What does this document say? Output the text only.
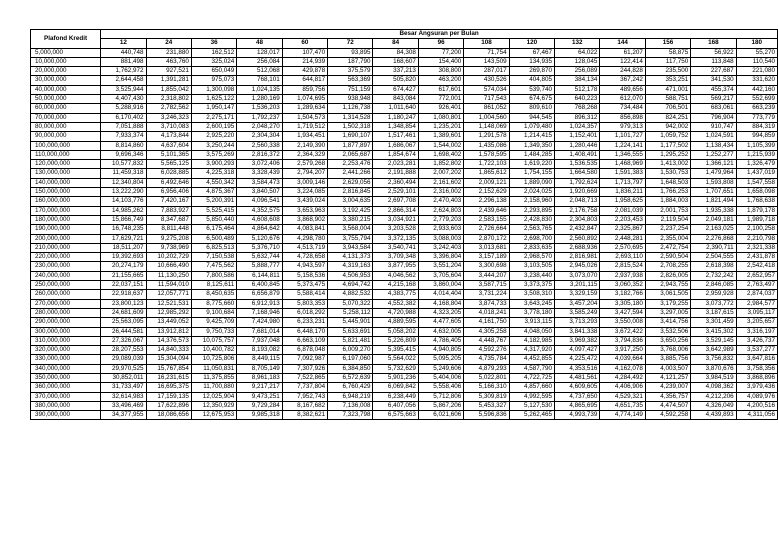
Plafond Kredit	Besar Angsuran per Bulan														
	12	24	36	48	60	72	84	96	108	120	132	144	156	168	180
5,000,000	440,748	231,880	162,512	128,017	107,470	93,895	84,308	77,200	71,754	67,467	64,022	61,207	58,875	56,922	55,270
10,000,000	881,498	463,760	325,024	256,084	214,939	187,790	168,607	154,400	143,509	134,935	128,045	122,414	117,750	113,848	110,540
20,000,000	1,762,972	927,521	650,049	512,068	429,878	375,579	337,213	308,800	287,017	269,870	256,089	244,828	235,500	227,687	221,080
30,000,000	2,644,458	1,391,281	975,073	768,101	644,817	563,369	505,820	463,200	430,526	404,805	384,134	367,242	353,251	341,530	331,620
40,000,000	3,525,944	1,855,042	1,300,098	1,024,135	859,756	751,159	674,427	617,601	574,034	539,740	512,178	489,656	471,001	455,374	442,160
50,000,000	4,407,430	2,318,802	1,625,122	1,280,169	1,074,695	938,948	843,084	772,001	717,543	674,675	640,223	612,070	588,751	569,217	552,699
60,000,000	5,288,916	2,782,562	1,950,147	1,536,203	1,289,634	1,126,738	1,011,640	926,401	861,052	809,610	768,268	734,484	706,501	683,061	663,239
70,000,000	6,170,402	3,246,323	2,275,171	1,792,237	1,504,573	1,314,528	1,180,247	1,080,801	1,004,560	944,545	896,312	856,898	824,251	796,904	773,779
80,000,000	7,051,888	3,710,083	2,600,195	2,048,270	1,719,512	1,502,318	1,348,854	1,235,201	1,148,069	1,079,480	1,024,357	979,313	942,002	910,747	884,319
90,000,000	7,933,374	4,173,844	2,925,220	2,304,304	1,934,451	1,690,107	1,517,461	1,389,601	1,291,578	1,214,415	1,152,401	1,101,727	1,059,752	1,024,591	994,859
100,000,000	8,814,860	4,637,604	3,250,244	2,560,338	2,149,390	1,877,897	1,686,067	1,544,002	1,435,086	1,349,350	1,280,446	1,224,141	1,177,502	1,138,434	1,105,399
110,000,000	9,696,346	5,101,365	3,575,269	2,816,372	2,364,329	2,065,687	1,854,674	1,698,402	1,578,595	1,484,285	1,408,491	1,346,555	1,295,252	1,252,277	1,215,939
120,000,000	10,577,832	5,565,125	3,900,293	3,072,406	2,579,268	2,253,476	2,023,281	1,852,802	1,722,103	1,619,220	1,536,535	1,468,969	1,413,002	1,366,121	1,326,479
130,000,000	11,459,318	6,028,885	4,225,318	3,328,439	2,794,207	2,441,266	2,191,888	2,007,202	1,865,612	1,754,155	1,664,580	1,591,383	1,530,753	1,479,964	1,437,019
140,000,000	12,340,804	6,492,646	4,550,342	3,584,473	3,009,146	2,629,056	2,360,494	2,161,602	2,009,121	1,889,090	1,792,624	1,713,797	1,648,503	1,593,808	1,547,558
150,000,000	13,222,290	6,956,406	4,875,367	3,840,507	3,224,085	2,816,845	2,529,101	2,316,002	2,152,629	2,024,025	1,920,669	1,836,211	1,766,253	1,707,651	1,658,098
160,000,000	14,103,776	7,420,167	5,200,391	4,096,541	3,439,024	3,004,635	2,697,708	2,470,403	2,296,138	2,158,960	2,048,713	1,958,625	1,884,003	1,821,494	1,768,638
170,000,000	14,985,262	7,883,927	5,525,415	4,352,575	3,653,963	3,192,425	2,866,314	2,624,803	2,439,646	2,293,895	2,176,758	2,081,039	2,001,753	1,935,338	1,879,178
180,000,000	15,866,749	8,347,687	5,850,440	4,608,608	3,868,902	3,380,215	3,034,921	2,779,203	2,583,155	2,428,830	2,304,803	2,203,453	2,119,504	2,049,181	1,989,718
190,000,000	16,748,235	8,811,448	6,175,464	4,864,642	4,083,841	3,568,004	3,203,528	2,933,603	2,726,664	2,563,765	2,432,847	2,325,867	2,237,254	2,163,025	2,100,258
200,000,000	17,629,721	9,275,208	6,500,489	5,120,676	4,298,780	3,755,794	3,372,135	3,088,003	2,870,172	2,698,700	2,560,892	2,448,281	2,355,004	2,276,868	2,210,798
210,000,000	18,511,207	9,738,969	6,825,513	5,376,710	4,513,719	3,943,584	3,540,741	3,242,403	3,013,681	2,833,635	2,688,936	2,570,695	2,472,754	2,390,711	2,321,338
220,000,000	19,392,693	10,202,729	7,150,538	5,632,744	4,728,658	4,131,373	3,709,348	3,396,804	3,157,189	2,968,570	2,816,981	2,693,110	2,590,504	2,504,555	2,431,878
230,000,000	20,274,179	10,666,490	7,475,562	5,888,777	4,943,597	4,319,163	3,877,955	3,551,204	3,300,698	3,103,505	2,945,026	2,815,524	2,708,255	2,618,398	2,542,418
240,000,000	21,155,665	11,130,250	7,800,586	6,144,811	5,158,536	4,506,953	4,046,562	3,705,604	3,444,207	3,238,440	3,073,070	2,937,938	2,826,005	2,732,242	2,652,957
250,000,000	22,037,151	11,594,010	8,125,611	6,400,845	5,373,475	4,694,742	4,215,168	3,860,004	3,587,715	3,373,375	3,201,115	3,060,352	2,943,755	2,846,085	2,763,497
260,000,000	22,918,637	12,057,771	8,450,635	6,656,879	5,588,414	4,882,532	4,383,775	4,014,404	3,731,224	3,508,310	3,329,159	3,182,766	3,061,505	2,959,928	2,874,037
270,000,000	23,800,123	12,521,531	8,775,660	6,912,913	5,803,353	5,070,322	4,552,382	4,168,804	3,874,733	3,643,245	3,457,204	3,305,180	3,179,255	3,073,772	2,984,577
280,000,000	24,681,609	12,985,292	9,100,684	7,168,946	6,018,292	5,258,112	4,720,988	4,323,205	4,018,241	3,778,180	3,585,249	3,427,594	3,297,005	3,187,615	3,095,117
290,000,000	25,563,095	13,449,052	9,425,709	7,424,980	6,233,231	5,445,901	4,889,595	4,477,605	4,161,750	3,913,115	3,713,293	3,550,008	3,414,756	3,301,459	3,205,657
300,000,000	26,444,581	13,912,812	9,750,733	7,681,014	6,448,170	5,633,691	5,058,202	4,632,005	4,305,258	4,048,050	3,841,338	3,672,422	3,532,506	3,415,302	3,316,197
310,000,000	27,326,067	14,376,573	10,075,757	7,937,048	6,663,109	5,821,481	5,226,809	4,786,405	4,448,767	4,182,985	3,969,382	3,794,836	3,650,256	3,529,145	3,426,737
320,000,000	28,207,553	14,840,333	10,400,782	8,193,082	6,878,048	6,009,270	5,395,415	4,940,805	4,592,276	4,317,920	4,097,427	3,917,250	3,768,006	3,642,989	3,537,277
330,000,000	29,089,039	15,304,094	10,725,806	8,449,115	7,092,987	6,197,060	5,564,022	5,095,205	4,735,784	4,452,855	4,225,472	4,039,664	3,885,756	3,756,832	3,647,816
340,000,000	29,970,525	15,767,854	11,050,831	8,705,149	7,307,926	6,384,850	5,732,629	5,249,606	4,879,293	4,587,790	4,353,516	4,162,078	4,003,507	3,870,676	3,758,356
350,000,000	30,852,011	16,231,615	11,375,855	8,961,183	7,522,865	6,572,639	5,901,236	5,404,006	5,022,801	4,722,725	4,481,561	4,284,492	4,121,257	3,984,519	3,868,896
360,000,000	31,733,497	16,695,375	11,700,880	9,217,217	7,737,804	6,760,429	6,069,842	5,558,406	5,166,310	4,857,660	4,609,605	4,406,906	4,239,007	4,098,362	3,979,436
370,000,000	32,614,983	17,159,135	12,025,904	9,473,251	7,952,743	6,948,219	6,238,449	5,712,806	5,309,819	4,992,595	4,737,650	4,529,321	4,356,757	4,212,206	4,089,976
380,000,000	33,496,469	17,622,896	12,350,929	9,729,284	8,167,682	7,136,008	6,407,056	5,867,206	5,453,327	5,127,530	4,865,695	4,651,735	4,474,507	4,326,049	4,200,516
390,000,000	34,377,955	18,086,656	12,675,953	9,985,318	8,382,621	7,323,798	6,575,663	6,021,606	5,596,836	5,262,465	4,993,739	4,774,149	4,592,258	4,439,893	4,311,056
